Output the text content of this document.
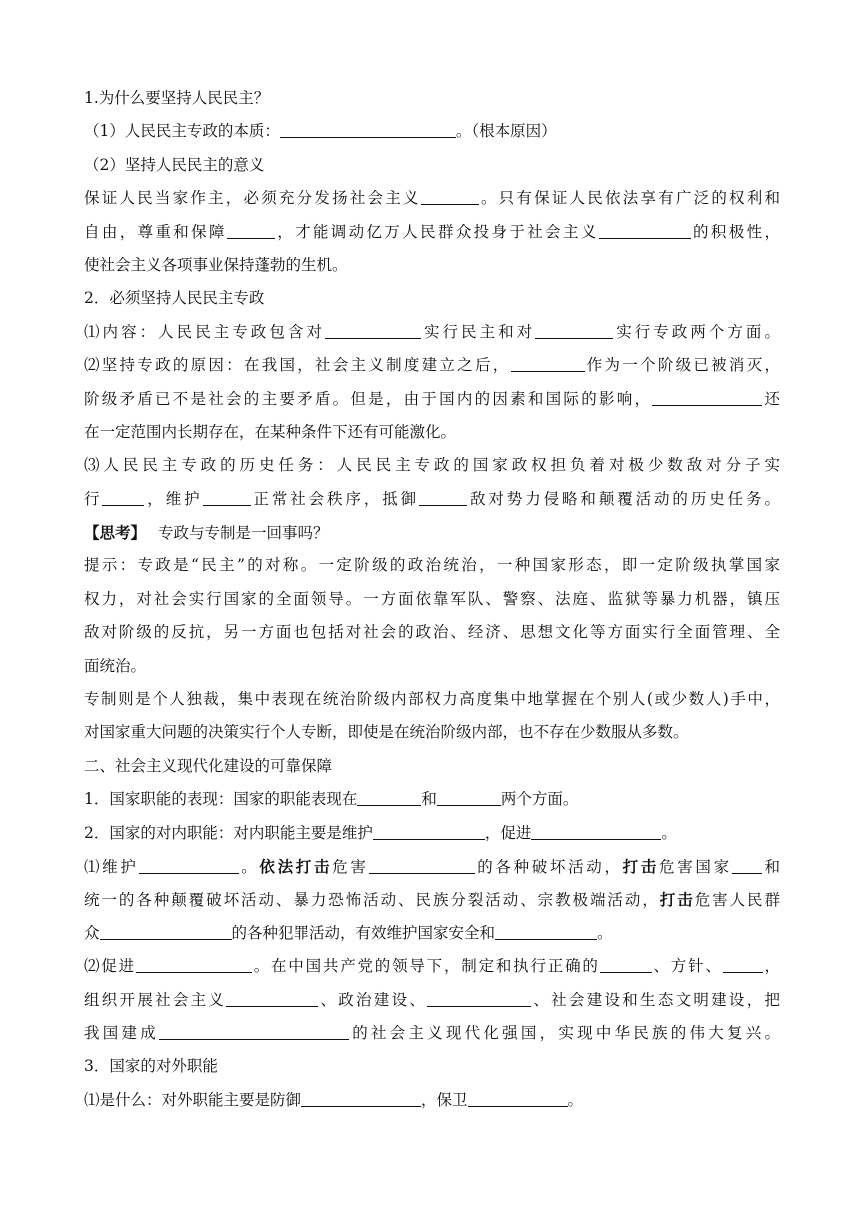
1.为什么要坚持人民民主？
（1）人民民主专政的本质：	。（根本原因）
（2）坚持人民民主的意义
保证人民当家作主，必须充分发扬社会主义	。只有保证人民依法享有广泛的权利和
自由，尊重和保障	，才能调动亿万人民群众投身于社会主义	的积极性，
使社会主义各项事业保持蓬勃的生机。
2．必须坚持人民民主专政
⑴内容：人民民主专政包含对	实行民主和对	实行专政两个方面。
⑵坚持专政的原因：在我国，社会主义制度建立之后，	作为一个阶级已被消灭，
阶级矛盾已不是社会的主要矛盾。但是，由于国内的因素和国际的影响，	还
在一定范围内长期存在，在某种条件下还有可能激化。
⑶人民民主专政的历史任务：人民民主专政的国家政权担负着对极少数敌对分子实
行	，维护	正常社会秩序，抵御	敌对势力侵略和颠覆活动的历史任务。
【思考】 专政与专制是一回事吗？
提示：专政是“民主”的对称。一定阶级的政治统治，一种国家形态，即一定阶级执掌国家
权力，对社会实行国家的全面领导。一方面依靠军队、警察、法庭、监狱等暴力机器，镇压
敌对阶级的反抗，另一方面也包括对社会的政治、经济、思想文化等方面实行全面管理、全
面统治。
专制则是个人独裁，集中表现在统治阶级内部权力高度集中地掌握在个别人(或少数人)手中，
对国家重大问题的决策实行个人专断，即使是在统治阶级内部，也不存在少数服从多数。
二、社会主义现代化建设的可靠保障
1．国家职能的表现：国家的职能表现在	和	两个方面。
2．国家的对内职能：对内职能主要是维护	，促进	。
⑴维护	。依法打击危害	的各种破坏活动，打击危害国家 和
统一的各种颠覆破坏活动、暴力恐怖活动、民族分裂活动、宗教极端活动，打击危害人民群
众	的各种犯罪活动，有效维护国家安全和	。
⑵促进	。在中国共产党的领导下，制定和执行正确的	、方针、	，
组织开展社会主义	、政治建设、	、社会建设和生态文明建设，把
我国建成	的社会主义现代化强国，实现中华民族的伟大复兴。
3．国家的对外职能
⑴是什么：对外职能主要是防御	，保卫	。
